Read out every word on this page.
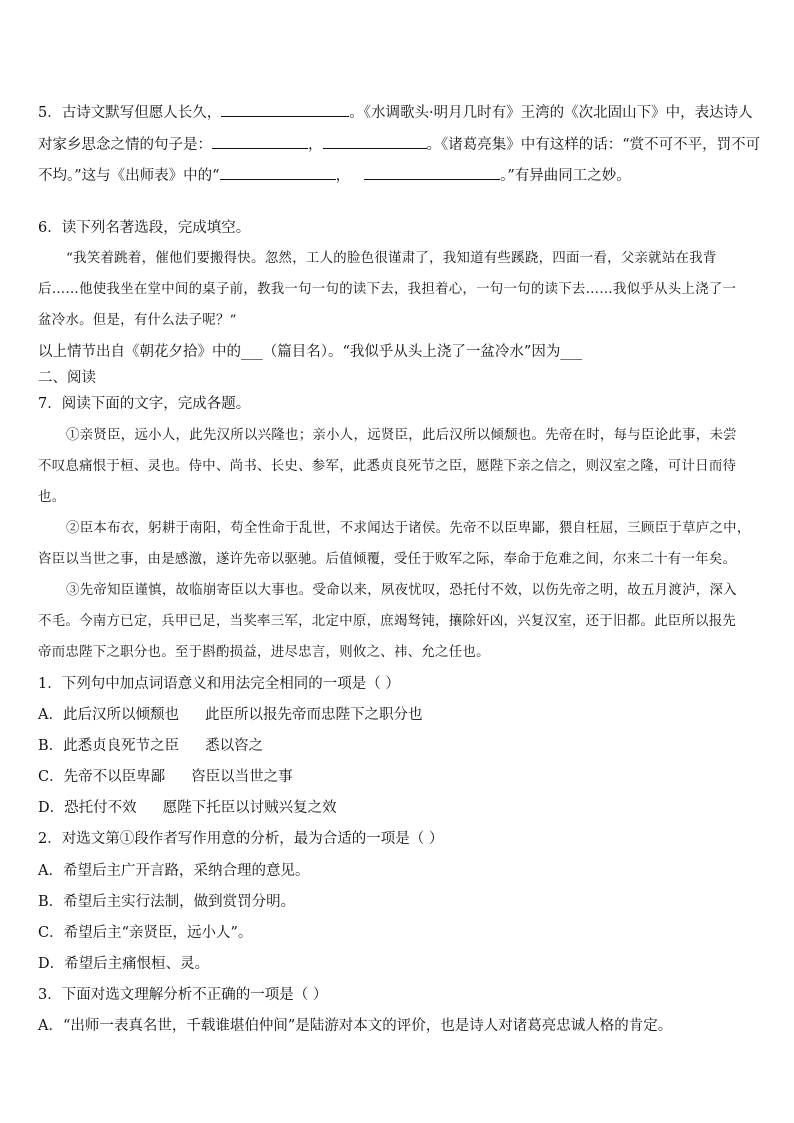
5．古诗文默写但愿人长久，	。《水调歌头·明月几时有》王湾的《次北固山下》中，表达诗人
对家乡思念之情的句子是：	，	。《诸葛亮集》中有这样的话：“赏不可不平，罚不可
不均。”这与《出师表》中的“	，	。”有异曲同工之妙。
6．读下列名著选段，完成填空。
“我笑着跳着，催他们要搬得快。忽然，工人的脸色很谨肃了，我知道有些蹊跷，四面一看，父亲就站在我背
后……他使我坐在堂中间的桌子前，教我一句一句的读下去，我担着心，一句一句的读下去……我似乎从头上浇了一
盆冷水。但是，有什么法子呢？”
以上情节出自《朝花夕拾》中的___（篇目名）。“我似乎从头上浇了一盆冷水”因为___
二、阅读
7．阅读下面的文字，完成各题。
①亲贤臣，远小人，此先汉所以兴隆也；亲小人，远贤臣，此后汉所以倾颓也。先帝在时，每与臣论此事，未尝
不叹息痛恨于桓、灵也。侍中、尚书、长史、参军，此悉贞良死节之臣，愿陛下亲之信之，则汉室之隆，可计日而待
也。
②臣本布衣，躬耕于南阳，苟全性命于乱世，不求闻达于诸侯。先帝不以臣卑鄙，猥自枉屈，三顾臣于草庐之中，
咨臣以当世之事，由是感激，遂许先帝以驱驰。后值倾覆，受任于败军之际，奉命于危难之间，尔来二十有一年矣。
③先帝知臣谨慎，故临崩寄臣以大事也。受命以来，夙夜忧叹，恐托付不效，以伤先帝之明，故五月渡泸，深入
不毛。今南方已定，兵甲已足，当奖率三军，北定中原，庶竭驽钝，攘除奸凶，兴复汉室，还于旧都。此臣所以报先
帝而忠陛下之职分也。至于斟酌损益，进尽忠言，则攸之、祎、允之任也。
1．下列句中加点词语意义和用法完全相同的一项是（ ）
A．此后汉所以倾颓也 此臣所以报先帝而忠陛下之职分也
B．此悉贞良死节之臣 悉以咨之
C．先帝不以臣卑鄙 咨臣以当世之事
D．恐托付不效 愿陛下托臣以讨贼兴复之效
2．对选文第①段作者写作用意的分析，最为合适的一项是（ ）
A．希望后主广开言路，采纳合理的意见。
B．希望后主实行法制，做到赏罚分明。
C．希望后主“亲贤臣，远小人”。
D．希望后主痛恨桓、灵。
3．下面对选文理解分析不正确的一项是（ ）
A．“出师一表真名世，千载谁堪伯仲间”是陆游对本文的评价，也是诗人对诸葛亮忠诚人格的肯定。
